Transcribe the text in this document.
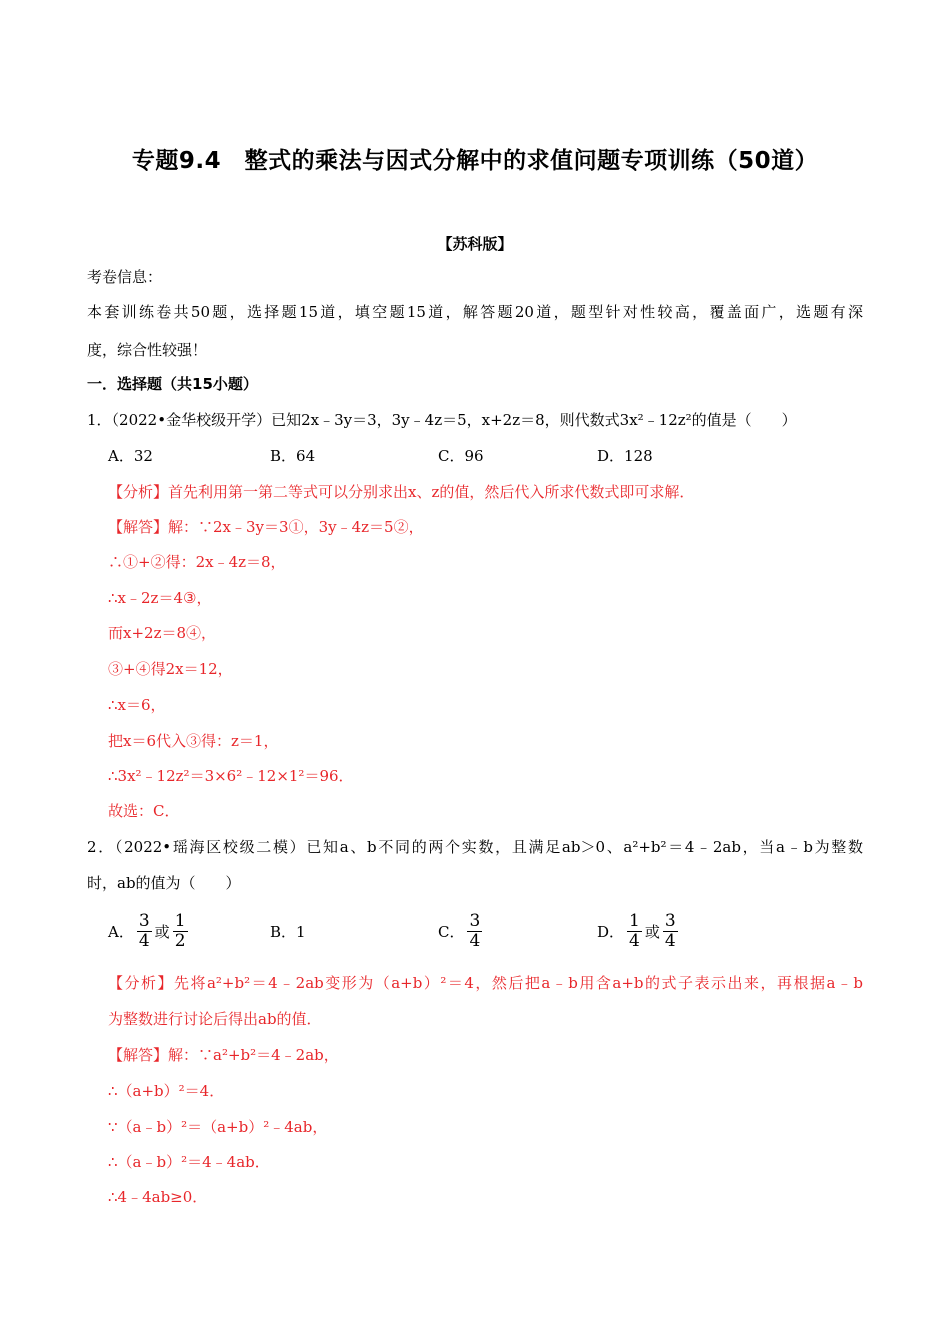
专题9.4　整式的乘法与因式分解中的求值问题专项训练（50道）
【苏科版】
考卷信息：
本套训练卷共50题，选择题15道，填空题15道，解答题20道，题型针对性较高，覆盖面广，选题有深
度，综合性较强！
一．选择题（共15小题）
1．（2022•金华校级开学）已知2x﹣3y＝3，3y﹣4z＝5，x+2z＝8，则代数式3x²﹣12z²的值是（　　）
A．32	B．64	C．96	D．128
【分析】首先利用第一第二等式可以分别求出x、z的值，然后代入所求代数式即可求解．
【解答】解：∵2x﹣3y＝3①，3y﹣4z＝5②，
∴①+②得：2x﹣4z＝8，
∴x﹣2z＝4③，
而x+2z＝8④，
③+④得2x＝12，
∴x＝6，
把x＝6代入③得：z＝1，
∴3x²﹣12z²＝3×6²﹣12×1²＝96．
故选：C．
2．（2022•瑶海区校级二模）已知a、b不同的两个实数，且满足ab＞0、a²+b²＝4﹣2ab，当a﹣b为整数
时，ab的值为（　　）
A． $\frac{3}{4}$ 或 $\frac{1}{2}$	B．1	C． $\frac{3}{4}$	D． $\frac{1}{4}$ 或 $\frac{3}{4}$
【分析】先将a²+b²＝4﹣2ab变形为（a+b）²＝4，然后把a﹣b用含a+b的式子表示出来，再根据a﹣b
为整数进行讨论后得出ab的值．
【解答】解：∵a²+b²＝4﹣2ab，
∴（a+b）²＝4．
∵（a﹣b）²＝（a+b）²﹣4ab，
∴（a﹣b）²＝4﹣4ab．
∴4﹣4ab≥0．
